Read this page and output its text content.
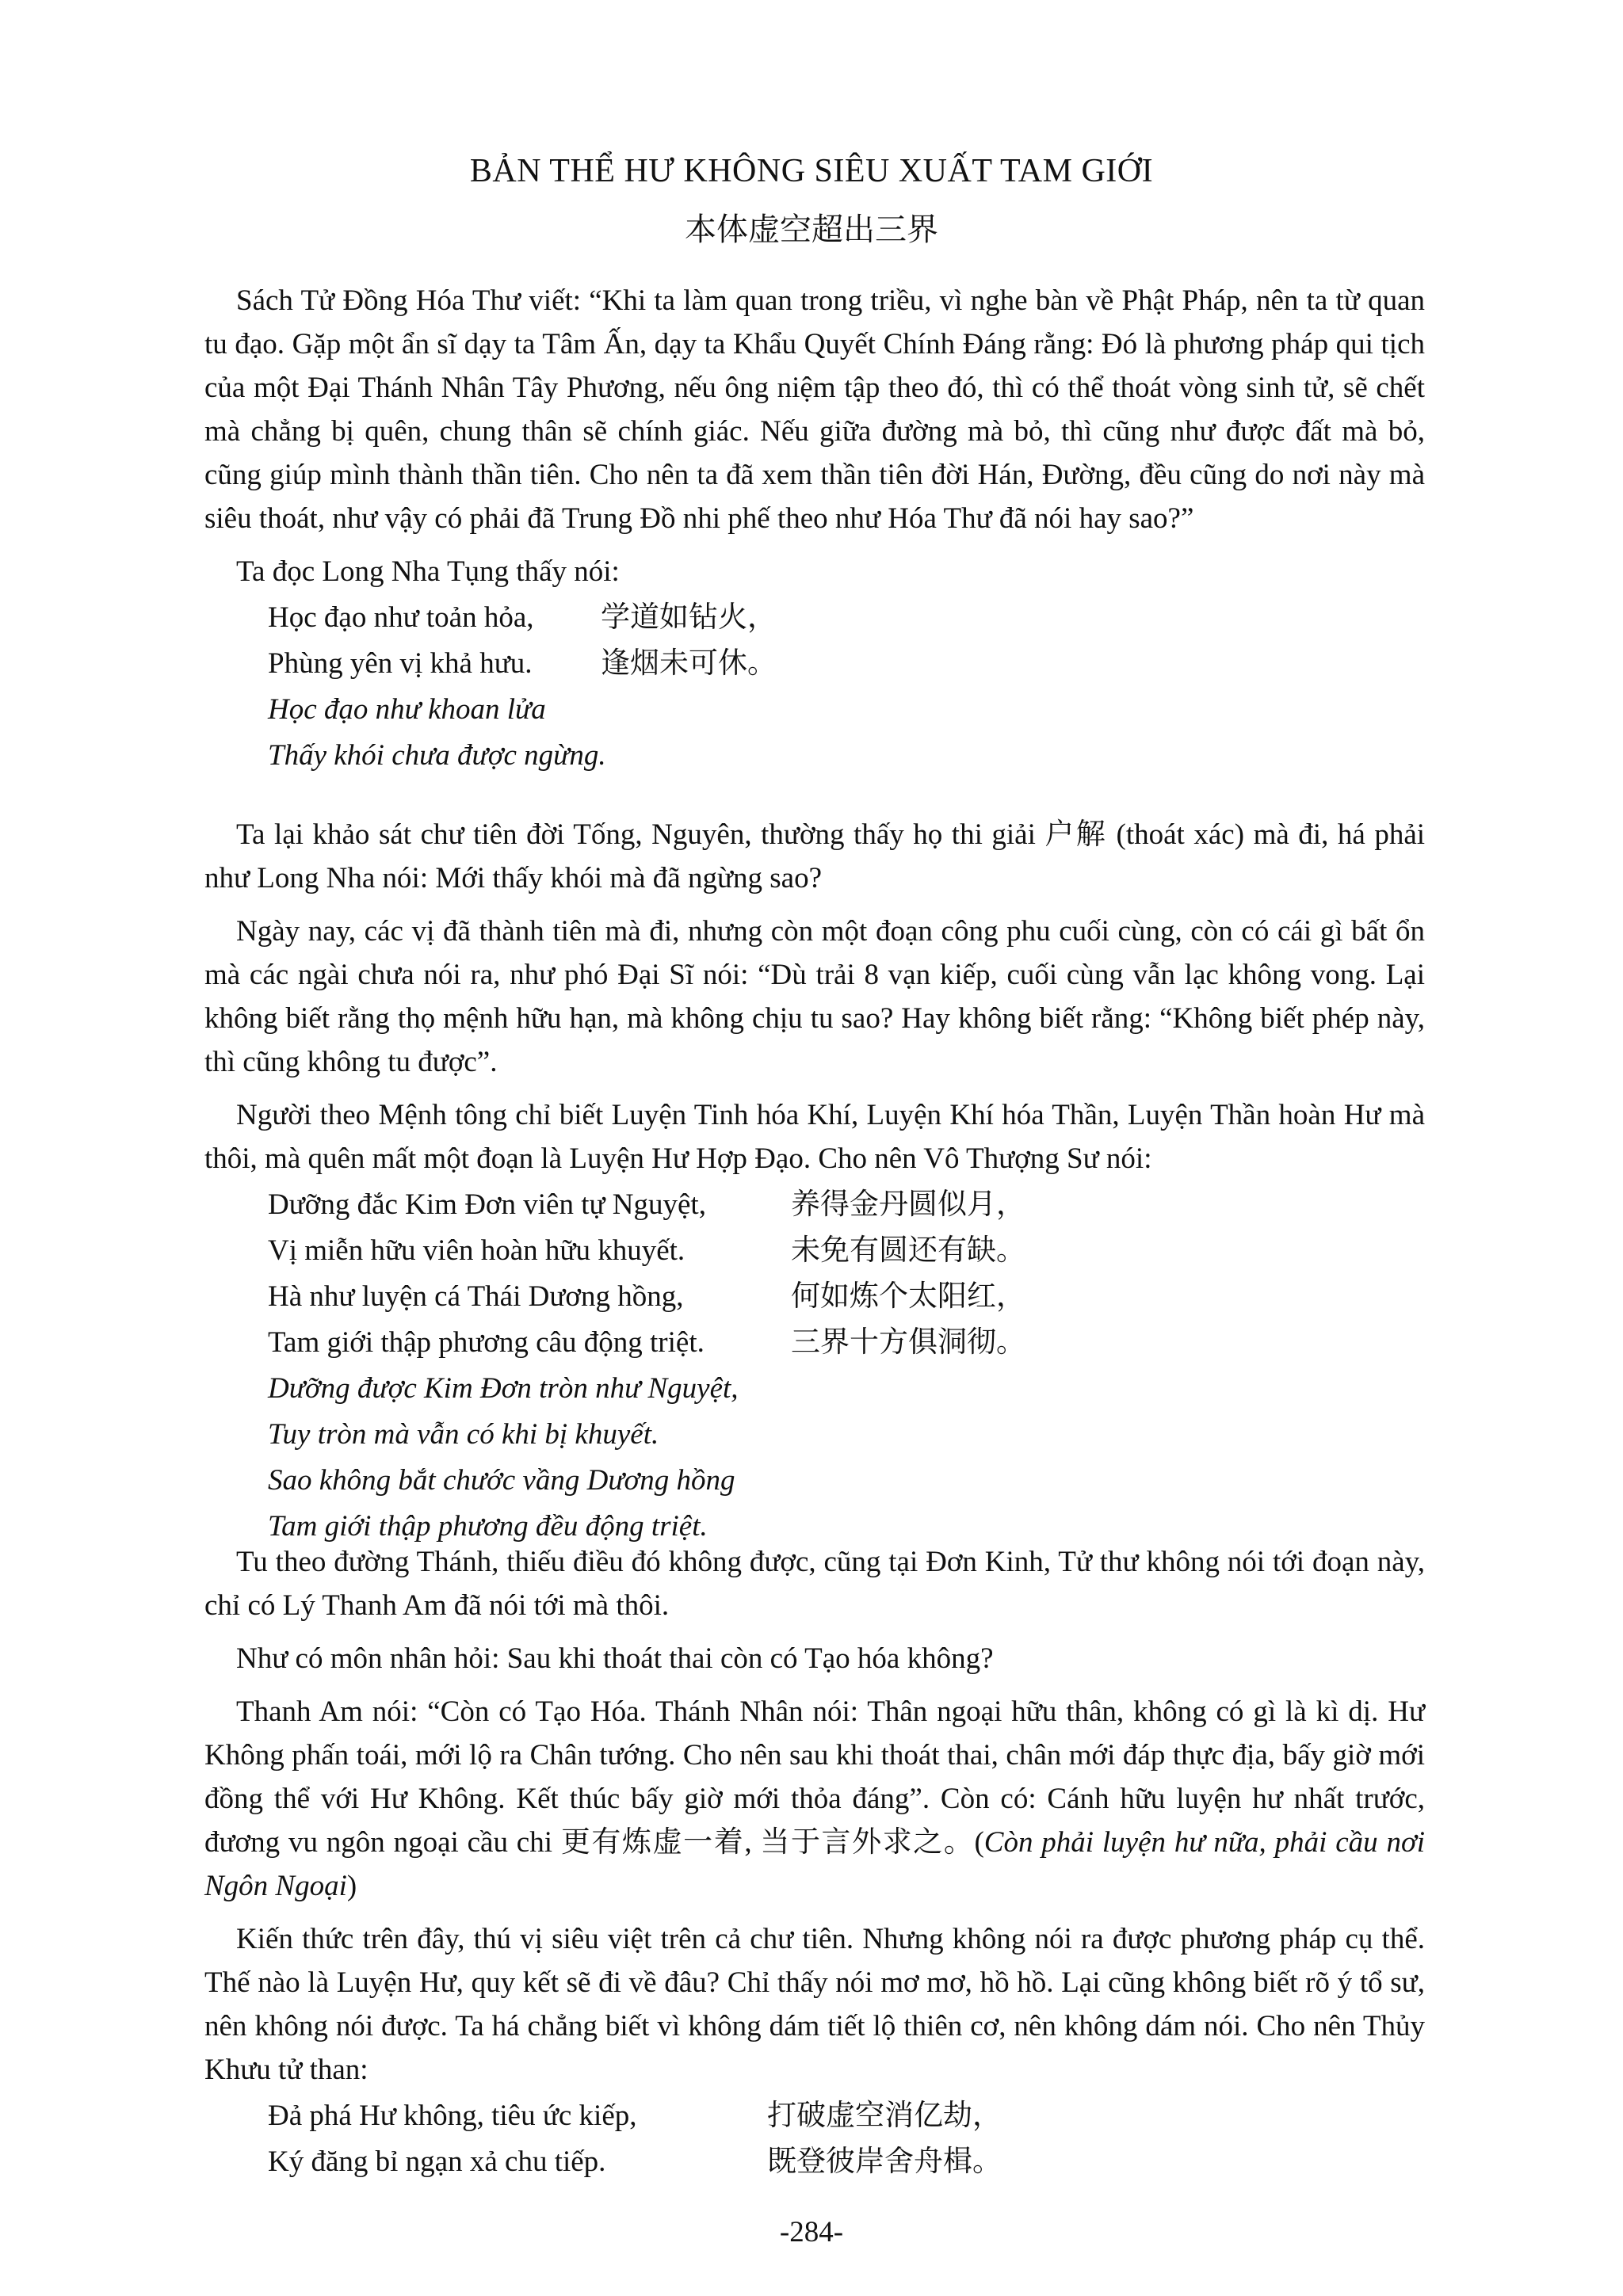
BẢN THỂ HƯ KHÔNG SIÊU XUẤT TAM GIỚI
本体虚空超出三界

Sách Tử Đồng Hóa Thư viết: “Khi ta làm quan trong triều, vì nghe bàn về Phật Pháp, nên ta từ quan tu đạo. Gặp một ẩn sĩ dạy ta Tâm Ấn, dạy ta Khẩu Quyết Chính Đáng rằng: Đó là phương pháp qui tịch của một Đại Thánh Nhân Tây Phương, nếu ông niệm tập theo đó, thì có thể thoát vòng sinh tử, sẽ chết mà chẳng bị quên, chung thân sẽ chính giác. Nếu giữa đường mà bỏ, thì cũng như được đất mà bỏ, cũng giúp mình thành thần tiên. Cho nên ta đã xem thần tiên đời Hán, Đường, đều cũng do nơi này mà siêu thoát, như vậy có phải đã Trung Đồ nhi phế theo như Hóa Thư đã nói hay sao?”

Ta đọc Long Nha Tụng thấy nói:

Học đạo như toản hỏa,	学道如钻火，
Phùng yên vị khả hưu.	逢烟未可休。
Học đạo như khoan lửa
Thấy khói chưa được ngừng.

Ta lại khảo sát chư tiên đời Tống, Nguyên, thường thấy họ thi giải 户解 (thoát xác) mà đi, há phải như Long Nha nói: Mới thấy khói mà đã ngừng sao?

Ngày nay, các vị đã thành tiên mà đi, nhưng còn một đoạn công phu cuối cùng, còn có cái gì bất ổn mà các ngài chưa nói ra, như phó Đại Sĩ nói: “Dù trải 8 vạn kiếp, cuối cùng vẫn lạc không vong. Lại không biết rằng thọ mệnh hữu hạn, mà không chịu tu sao? Hay không biết rằng: “Không biết phép này, thì cũng không tu được”.

Người theo Mệnh tông chỉ biết Luyện Tinh hóa Khí, Luyện Khí hóa Thần, Luyện Thần hoàn Hư mà thôi, mà quên mất một đoạn là Luyện Hư Hợp Đạo. Cho nên Vô Thượng Sư nói:

Dưỡng đắc Kim Đơn viên tự Nguyệt,	养得金丹圆似月，
Vị miễn hữu viên hoàn hữu khuyết.	未免有圆还有缺。
Hà như luyện cá Thái Dương hồng,	何如炼个太阳红，
Tam giới thập phương câu động triệt.	三界十方俱洞彻。
Dưỡng được Kim Đơn tròn như Nguyệt,
Tuy tròn mà vẫn có khi bị khuyết.
Sao không bắt chước vầng Dương hồng
Tam giới thập phương đều động triệt.

Tu theo đường Thánh, thiếu điều đó không được, cũng tại Đơn Kinh, Tử thư không nói tới đoạn này, chỉ có Lý Thanh Am đã nói tới mà thôi.

Như có môn nhân hỏi: Sau khi thoát thai còn có Tạo hóa không?

Thanh Am nói: “Còn có Tạo Hóa. Thánh Nhân nói: Thân ngoại hữu thân, không có gì là kì dị. Hư Không phấn toái, mới lộ ra Chân tướng. Cho nên sau khi thoát thai, chân mới đáp thực địa, bấy giờ mới đồng thể với Hư Không. Kết thúc bấy giờ mới thỏa đáng”. Còn có: Cánh hữu luyện hư nhất trước, đương vu ngôn ngoại cầu chi 更有炼虚一着, 当于言外求之。(Còn phải luyện hư nữa, phải cầu nơi Ngôn Ngoại)

Kiến thức trên đây, thú vị siêu việt trên cả chư tiên. Nhưng không nói ra được phương pháp cụ thể. Thế nào là Luyện Hư, quy kết sẽ đi về đâu? Chỉ thấy nói mơ mơ, hồ hồ. Lại cũng không biết rõ ý tổ sư, nên không nói được. Ta há chẳng biết vì không dám tiết lộ thiên cơ, nên không dám nói. Cho nên Thủy Khưu tử than:

Đả phá Hư không, tiêu ức kiếp,	打破虚空消亿劫，
Ký đăng bỉ ngạn xả chu tiếp.	既登彼岸舍舟楫。
-284-
